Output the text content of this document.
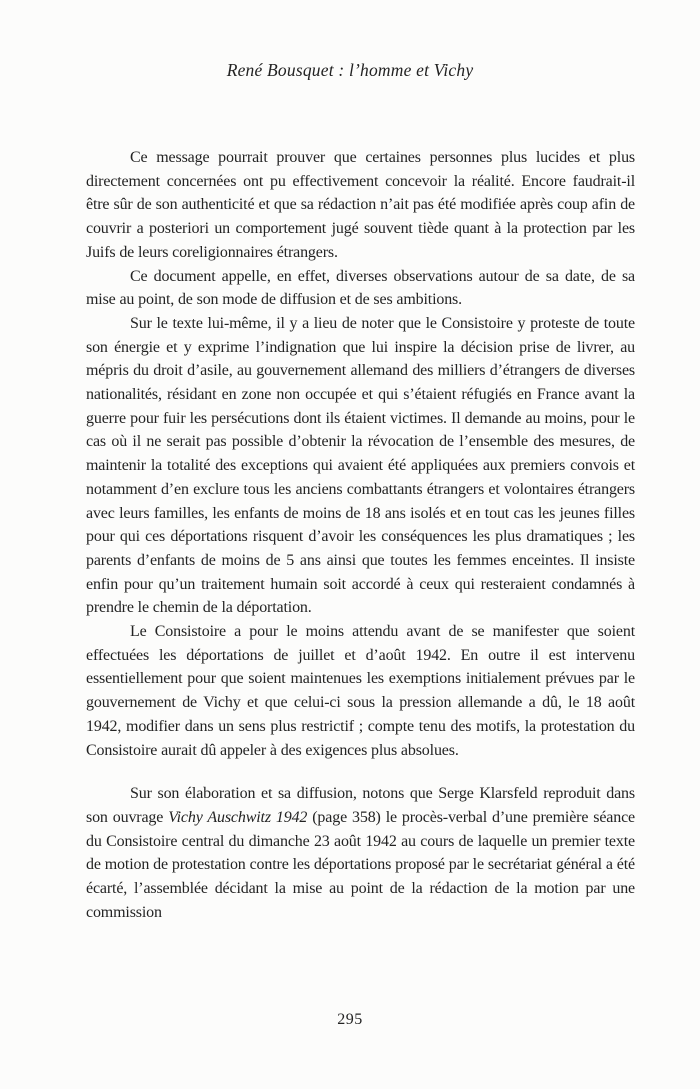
René Bousquet : l’homme et Vichy

Ce message pourrait prouver que certaines personnes plus lucides et plus directement concernées ont pu effectivement concevoir la réalité. Encore faudrait-il être sûr de son authenticité et que sa rédaction n’ait pas été modifiée après coup afin de couvrir a posteriori un comportement jugé souvent tiède quant à la protection par les Juifs de leurs coreligionnaires étrangers.

Ce document appelle, en effet, diverses observations autour de sa date, de sa mise au point, de son mode de diffusion et de ses ambitions.

Sur le texte lui-même, il y a lieu de noter que le Consistoire y proteste de toute son énergie et y exprime l’indignation que lui inspire la décision prise de livrer, au mépris du droit d’asile, au gouvernement allemand des milliers d’étrangers de diverses nationalités, résidant en zone non occupée et qui s’étaient réfugiés en France avant la guerre pour fuir les persécutions dont ils étaient victimes. Il demande au moins, pour le cas où il ne serait pas possible d’obtenir la révocation de l’ensemble des mesures, de maintenir la totalité des exceptions qui avaient été appliquées aux premiers convois et notamment d’en exclure tous les anciens combattants étrangers et volontaires étrangers avec leurs familles, les enfants de moins de 18 ans isolés et en tout cas les jeunes filles pour qui ces déportations risquent d’avoir les conséquences les plus dramatiques ; les parents d’enfants de moins de 5 ans ainsi que toutes les femmes enceintes. Il insiste enfin pour qu’un traitement humain soit accordé à ceux qui resteraient condamnés à prendre le chemin de la déportation.

Le Consistoire a pour le moins attendu avant de se manifester que soient effectuées les déportations de juillet et d’août 1942. En outre il est intervenu essentiellement pour que soient maintenues les exemptions initialement prévues par le gouvernement de Vichy et que celui-ci sous la pression allemande a dû, le 18 août 1942, modifier dans un sens plus restrictif ; compte tenu des motifs, la protestation du Consistoire aurait dû appeler à des exigences plus absolues.

Sur son élaboration et sa diffusion, notons que Serge Klarsfeld reproduit dans son ouvrage Vichy Auschwitz 1942 (page 358) le procès-verbal d’une première séance du Consistoire central du dimanche 23 août 1942 au cours de laquelle un premier texte de motion de protestation contre les déportations proposé par le secrétariat général a été écarté, l’assemblée décidant la mise au point de la rédaction de la motion par une commission

295
